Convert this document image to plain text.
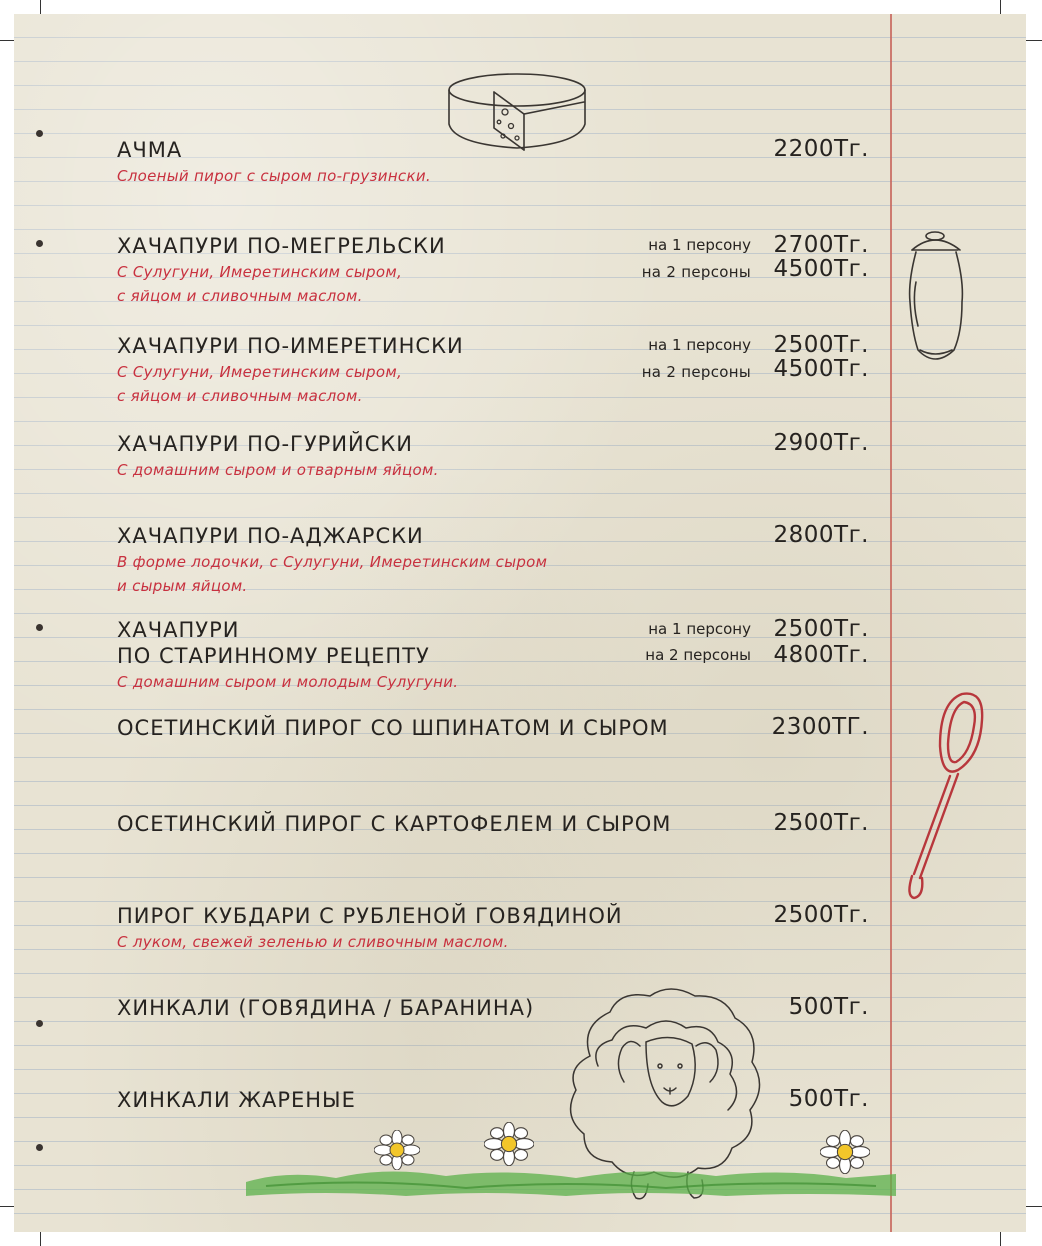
АЧМА	2200Тг.
Слоеный пирог с сыром по-грузински.
ХАЧАПУРИ ПО-МЕГРЕЛЬСКИ	на 1 персону 2700Тг.
С Сулугуни, Имеретинским сыром,	на 2 персоны 4500Тг.
с яйцом и сливочным маслом.
ХАЧАПУРИ ПО-ИМЕРЕТИНСКИ	на 1 персону 2500Тг.
С Сулугуни, Имеретинским сыром,	на 2 персоны 4500Тг.
с яйцом и сливочным маслом.
ХАЧАПУРИ ПО-ГУРИЙСКИ	2900Тг.
С домашним сыром и отварным яйцом.
ХАЧАПУРИ ПО-АДЖАРСКИ	2800Тг.
В форме лодочки, с Сулугуни, Имеретинским сыром
и сырым яйцом.
ХАЧАПУРИ	на 1 персону 2500Тг.
ПО СТАРИННОМУ РЕЦЕПТУ	на 2 персоны 4800Тг.
С домашним сыром и молодым Сулугуни.
ОСЕТИНСКИЙ ПИРОГ СО ШПИНАТОМ И СЫРОМ	2300ТГ.
ОСЕТИНСКИЙ ПИРОГ С КАРТОФЕЛЕМ И СЫРОМ	2500Тг.
ПИРОГ КУБДАРИ С РУБЛЕНОЙ ГОВЯДИНОЙ	2500Тг.
С луком, свежей зеленью и сливочным маслом.
ХИНКАЛИ (ГОВЯДИНА / БАРАНИНА)	500Тг.
ХИНКАЛИ ЖАРЕНЫЕ	500Тг.
